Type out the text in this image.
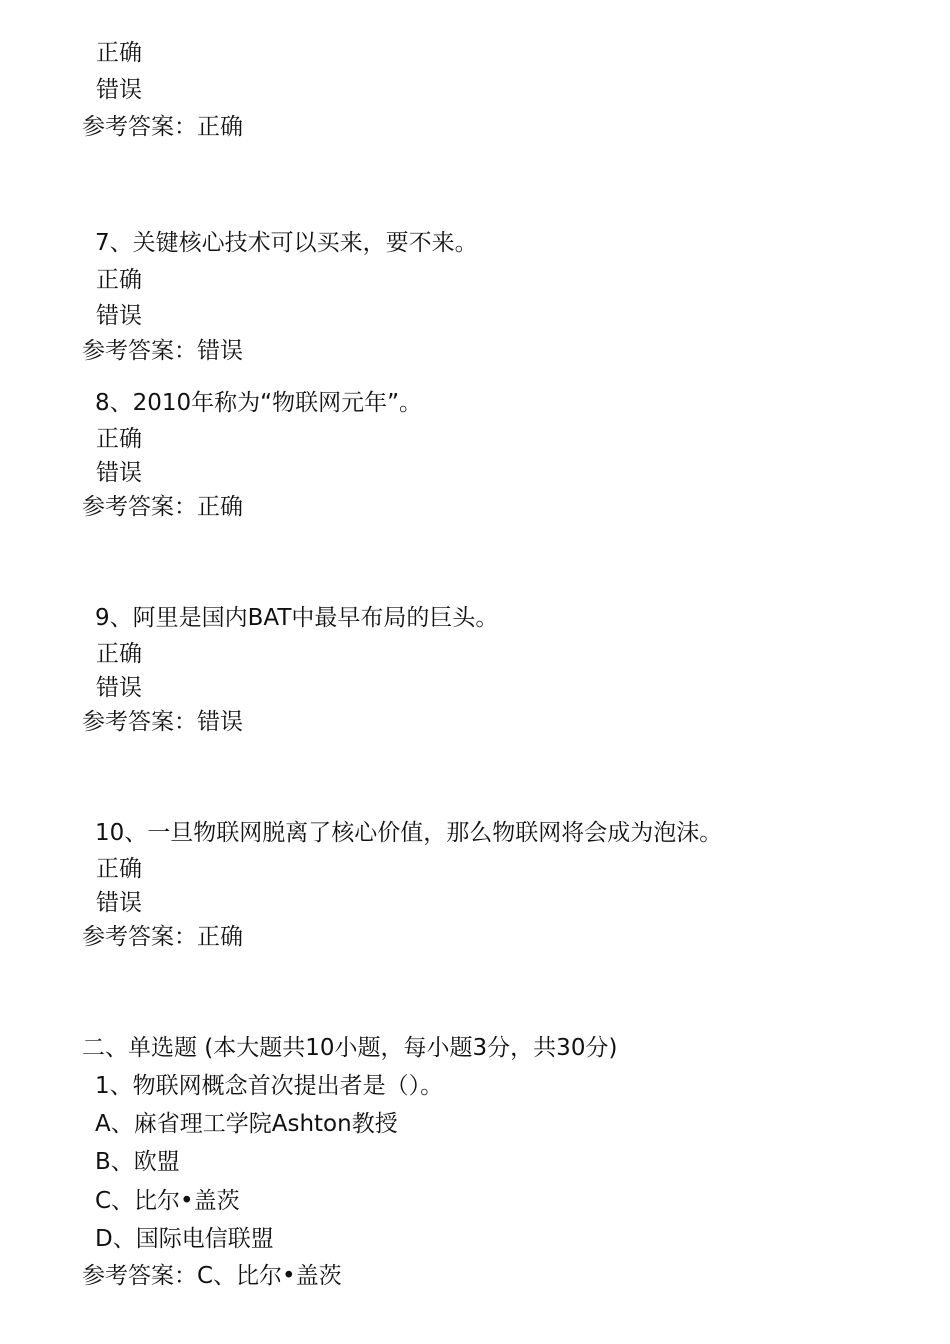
正确
错误
参考答案：正确
7、关键核心技术可以买来，要不来。
正确
错误
参考答案：错误
8、2010年称为“物联网元年”。
正确
错误
参考答案：正确
9、阿里是国内BAT中最早布局的巨头。
正确
错误
参考答案：错误
10、一旦物联网脱离了核心价值，那么物联网将会成为泡沫。
正确
错误
参考答案：正确
二、单选题 (本大题共10小题，每小题3分，共30分)
1、物联网概念首次提出者是（）。
A、麻省理工学院Ashton教授
B、欧盟
C、比尔•盖茨
D、国际电信联盟
参考答案：C、比尔•盖茨
